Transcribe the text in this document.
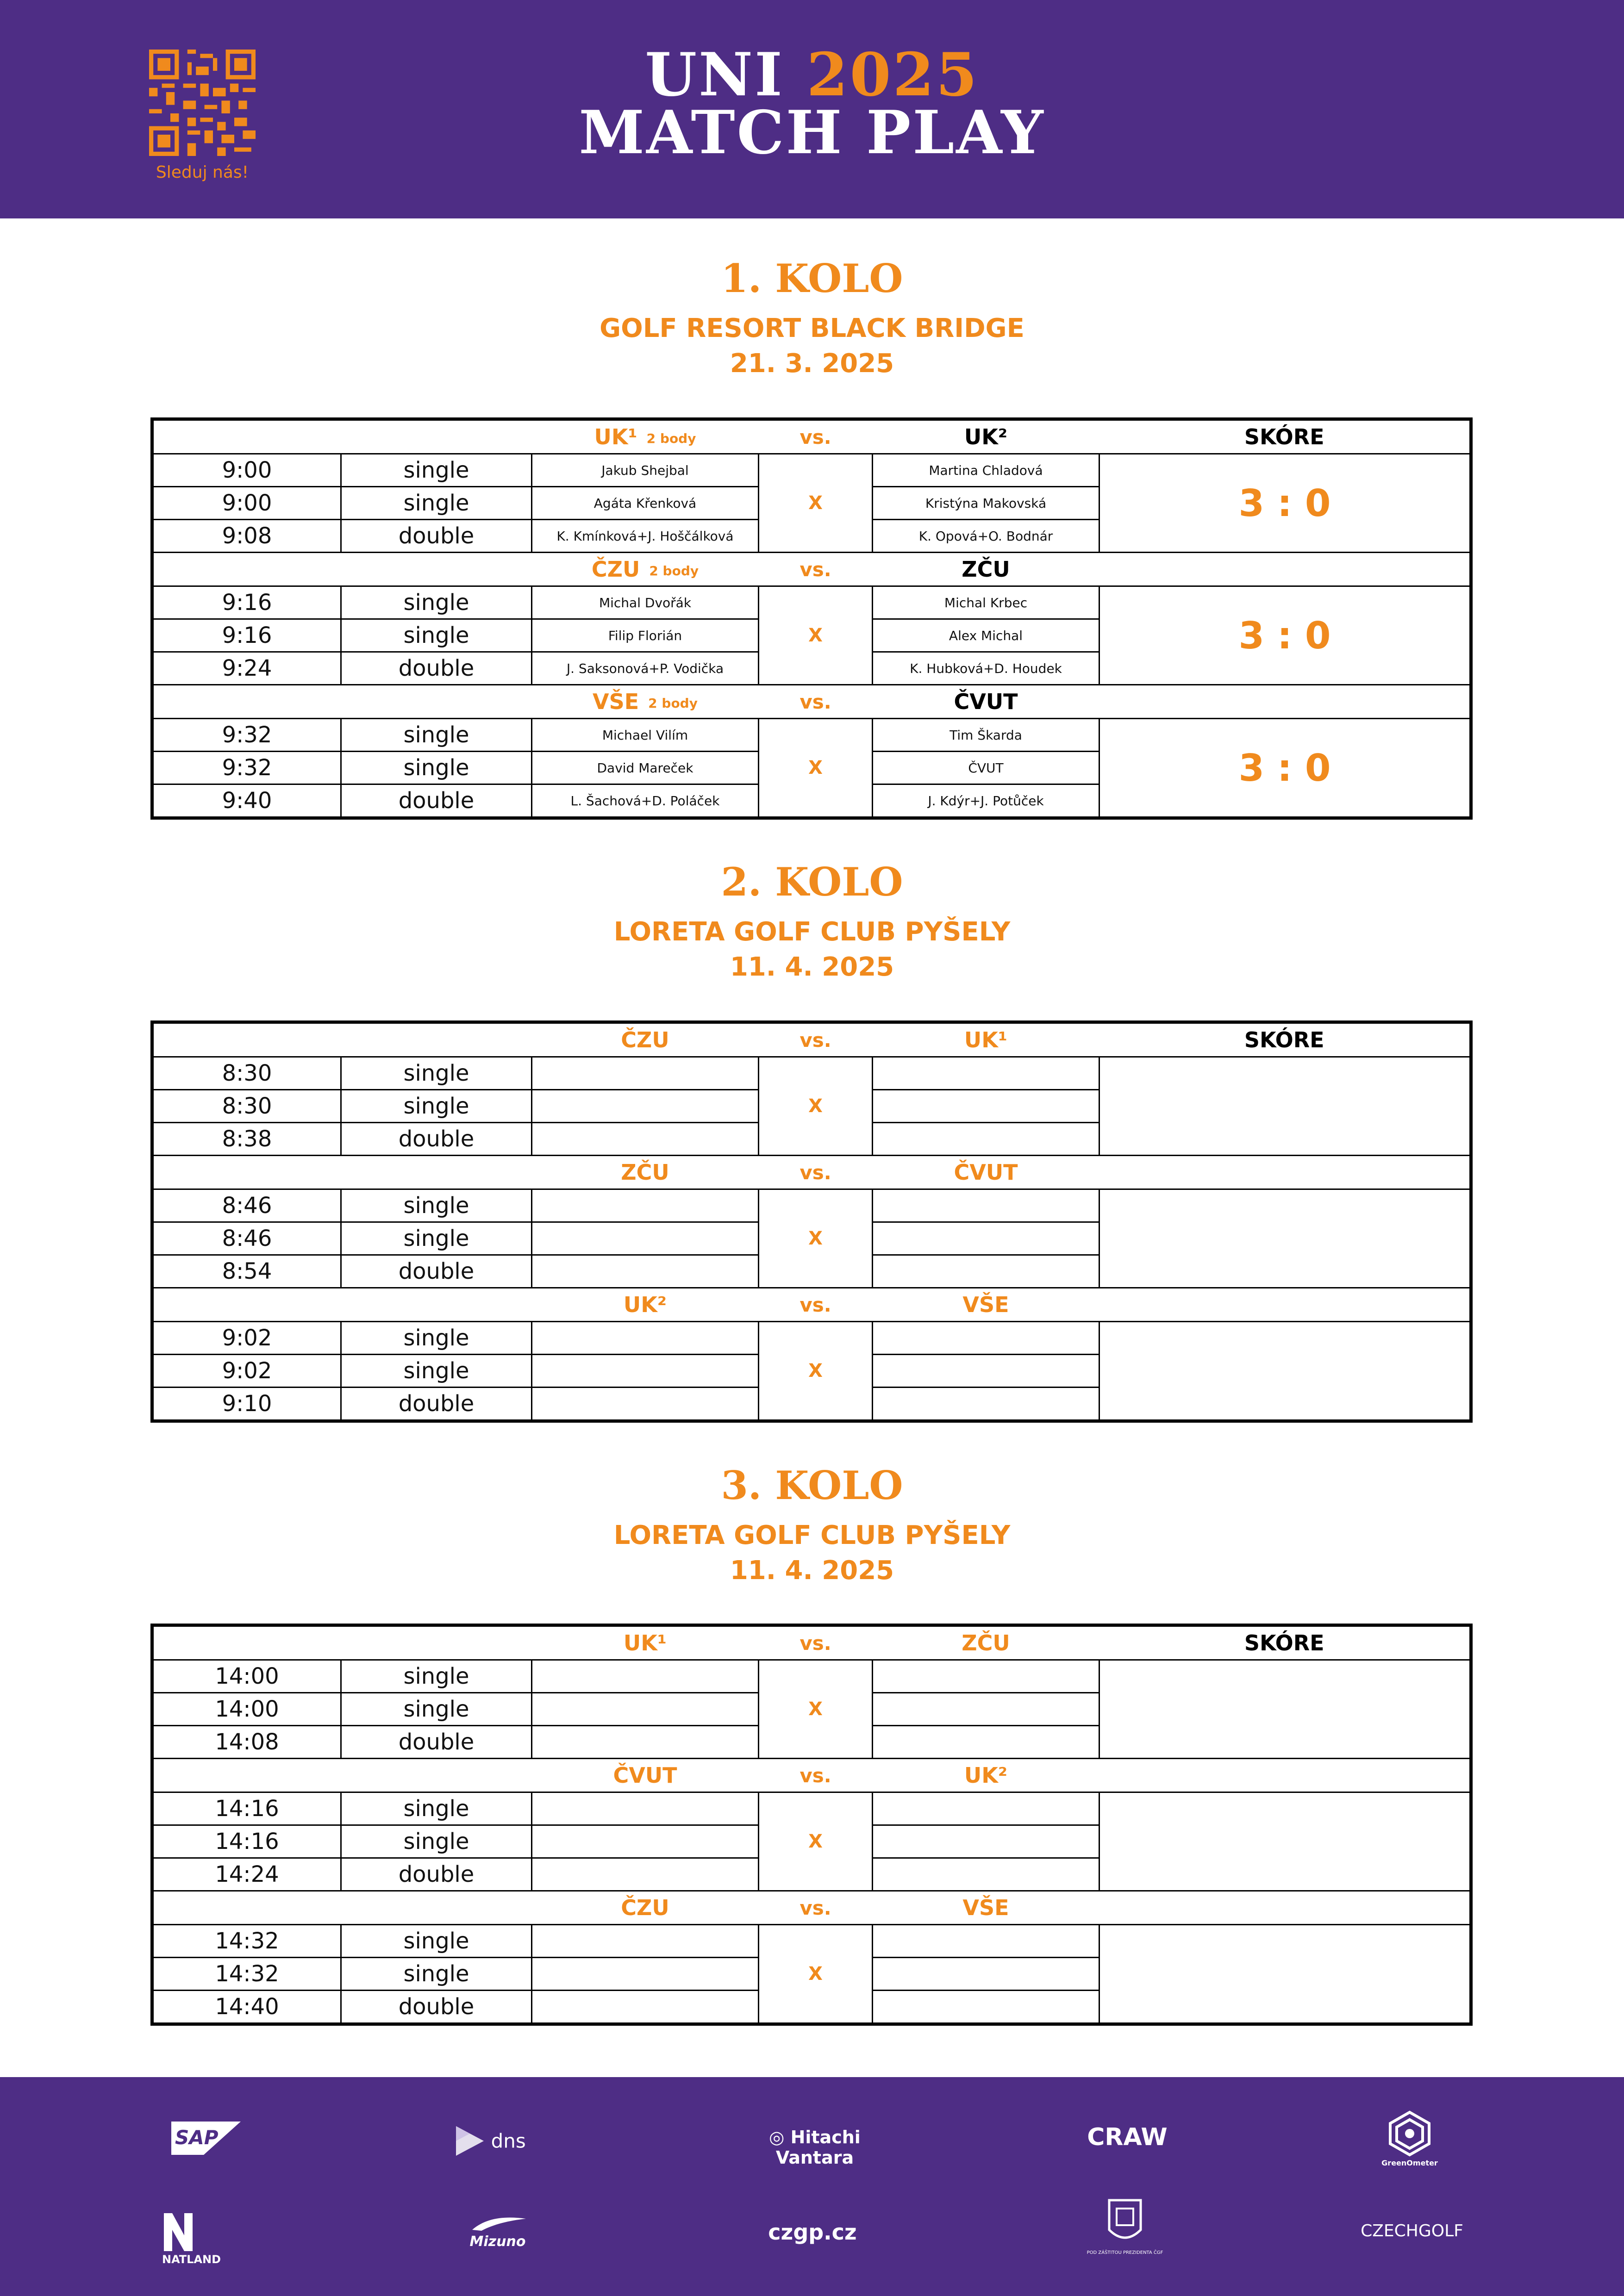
Sleduj nás!
UNI 2025
MATCH PLAY
1. KOLO
GOLF RESORT BLACK BRIDGE
21. 3. 2025
2. KOLO
LORETA GOLF CLUB PYŠELY
11. 4. 2025
3. KOLO
LORETA GOLF CLUB PYŠELY
11. 4. 2025
		UK¹ 2 body	vs.	UK²	SKÓRE
9:00	single	Jakub Shejbal	X	Martina Chladová	3 : 0
9:00	single	Agáta Křenková		Kristýna Makovská	
9:08	double	K. Kmínková+J. Hoščálková		K. Opová+O. Bodnár	
		ČZU 2 body	vs.	ZČU	
9:16	single	Michal Dvořák	X	Michal Krbec	3 : 0
9:16	single	Filip Florián		Alex Michal	
9:24	double	J. Saksonová+P. Vodička		K. Hubková+D. Houdek	
		VŠE 2 body	vs.	ČVUT	
9:32	single	Michael Vilím	X	Tim Škarda	3 : 0
9:32	single	David Mareček		ČVUT	
9:40	double	L. Šachová+D. Poláček		J. Kdýr+J. Potůček	
		ČZU	vs.	UK¹	SKÓRE
8:30	single		X		
8:30	single				
8:38	double				
		ZČU	vs.	ČVUT	
8:46	single		X		
8:46	single				
8:54	double				
		UK²	vs.	VŠE	
9:02	single		X		
9:02	single				
9:10	double				
		UK¹	vs.	ZČU	SKÓRE
14:00	single		X		
14:00	single				
14:08	double				
		ČVUT	vs.	UK²	
14:16	single		X		
14:16	single				
14:24	double				
		ČZU	vs.	VŠE	
14:32	single		X		
14:32	single				
14:40	double				
SAP	dns	◎ Hitachi Vantara
CRAW
GreenOmeter
NATLAND
Mizuno	czgp.cz
POD ZÁŠTITOU PREZIDENTA ČGF
CZECHGOLF
